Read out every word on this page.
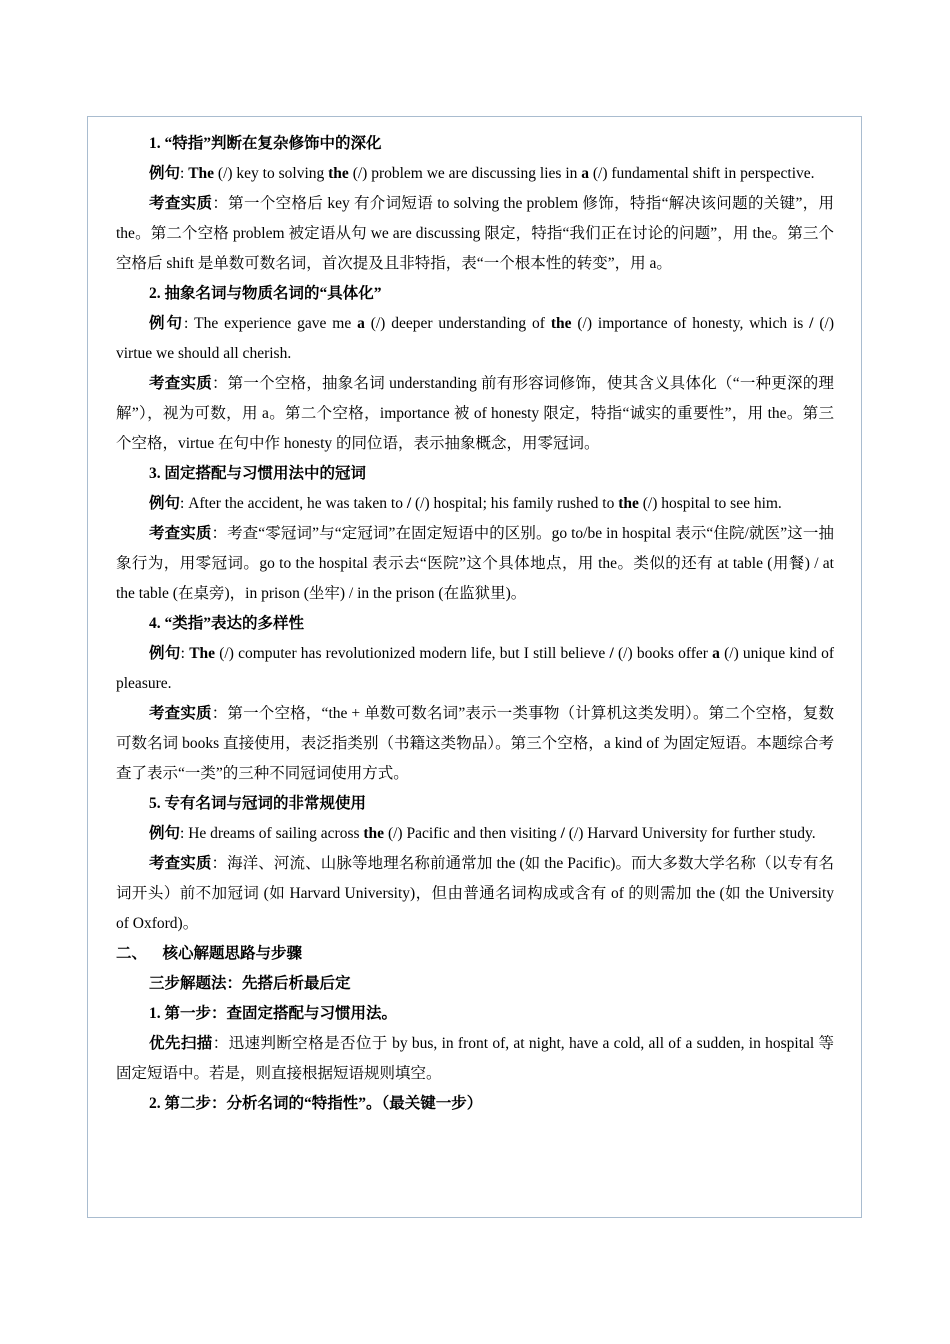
1. “特指”判断在复杂修饰中的深化

例句: The (/) key to solving the (/) problem we are discussing lies in a (/) fundamental shift in perspective.

考查实质：第一个空格后 key 有介词短语 to solving the problem 修饰，特指“解决该问题的关键”，用 the。第二个空格 problem 被定语从句 we are discussing 限定，特指“我们正在讨论的问题”，用 the。第三个空格后 shift 是单数可数名词，首次提及且非特指，表“一个根本性的转变”，用 a。

2. 抽象名词与物质名词的“具体化”

例句: The experience gave me a (/) deeper understanding of the (/) importance of honesty, which is / (/) virtue we should all cherish.

考查实质：第一个空格，抽象名词 understanding 前有形容词修饰，使其含义具体化（“一种更深的理解”），视为可数，用 a。第二个空格，importance 被 of honesty 限定，特指“诚实的重要性”，用 the。第三个空格，virtue 在句中作 honesty 的同位语，表示抽象概念，用零冠词。

3. 固定搭配与习惯用法中的冠词

例句: After the accident, he was taken to / (/) hospital; his family rushed to the (/) hospital to see him.

考查实质：考查“零冠词”与“定冠词”在固定短语中的区别。go to/be in hospital 表示“住院/就医”这一抽象行为，用零冠词。go to the hospital 表示去“医院”这个具体地点，用 the。类似的还有 at table (用餐) / at the table (在桌旁)，in prison (坐牢) / in the prison (在监狱里)。

4. “类指”表达的多样性

例句: The (/) computer has revolutionized modern life, but I still believe / (/) books offer a (/) unique kind of pleasure.

考查实质：第一个空格，“the + 单数可数名词”表示一类事物（计算机这类发明）。第二个空格，复数可数名词 books 直接使用，表泛指类别（书籍这类物品）。第三个空格，a kind of 为固定短语。本题综合考查了表示“一类”的三种不同冠词使用方式。

5. 专有名词与冠词的非常规使用

例句: He dreams of sailing across the (/) Pacific and then visiting / (/) Harvard University for further study.

考查实质：海洋、河流、山脉等地理名称前通常加 the (如 the Pacific)。而大多数大学名称（以专有名词开头）前不加冠词 (如 Harvard University)，但由普通名词构成或含有 of 的则需加 the (如 the University of Oxford)。

二、 核心解题思路与步骤

三步解题法：先搭后析最后定

1. 第一步：查固定搭配与习惯用法。

优先扫描：迅速判断空格是否位于 by bus, in front of, at night, have a cold, all of a sudden, in hospital 等固定短语中。若是，则直接根据短语规则填空。

2. 第二步：分析名词的“特指性”。（最关键一步）
